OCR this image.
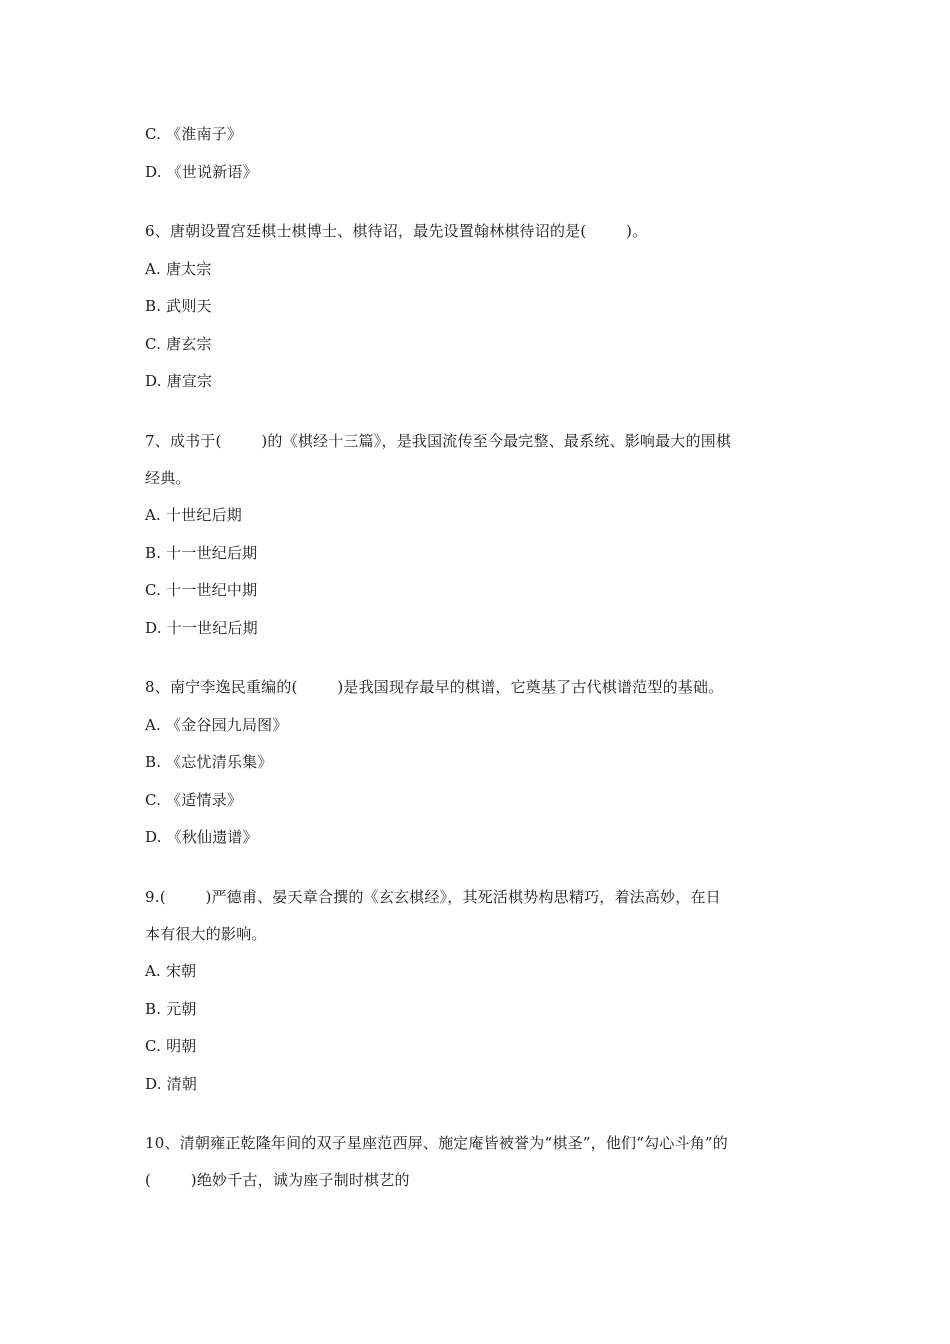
C. 《淮南子》
D. 《世说新语》
6、唐朝设置宫廷棋士棋博士、棋待诏，最先设置翰林棋待诏的是(        )。
A. 唐太宗
B. 武则天
C. 唐玄宗
D. 唐宣宗
7、成书于(        )的《棋经十三篇》，是我国流传至今最完整、最系统、影响最大的围棋
经典。
A. 十世纪后期
B. 十一世纪后期
C. 十一世纪中期
D. 十一世纪后期
8、南宁李逸民重编的(        )是我国现存最早的棋谱，它奠基了古代棋谱范型的基础。
A. 《金谷园九局图》
B. 《忘忧清乐集》
C. 《适情录》
D. 《秋仙遗谱》
9.(        )严德甫、晏天章合撰的《玄玄棋经》，其死活棋势构思精巧，着法高妙，在日
本有很大的影响。
A. 宋朝
B. 元朝
C. 明朝
D. 清朝
10、清朝雍正乾隆年间的双子星座范西屏、施定庵皆被誉为“棋圣”，他们“勾心斗角”的
(        )绝妙千古，诚为座子制时棋艺的
